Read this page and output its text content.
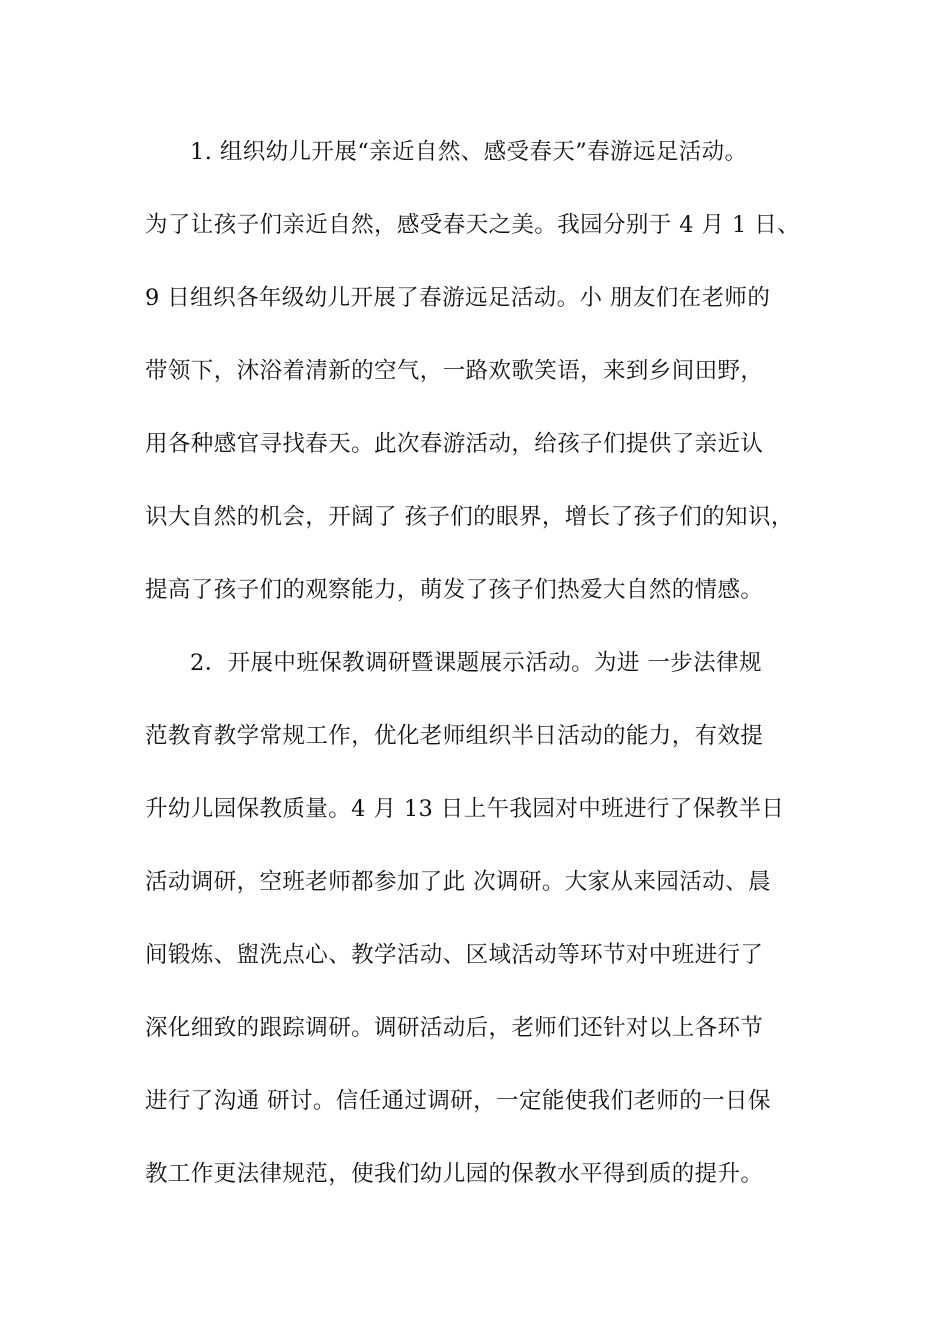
1. 组织幼儿开展“亲近自然、感受春天”春游远足活动。
为了让孩子们亲近自然，感受春天之美。我园分别于 4 月 1 日、
9 日组织各年级幼儿开展了春游远足活动。小 朋友们在老师的
带领下，沐浴着清新的空气，一路欢歌笑语，来到乡间田野，
用各种感官寻找春天。此次春游活动，给孩子们提供了亲近认
识大自然的机会，开阔了 孩子们的眼界，增长了孩子们的知识，
提高了孩子们的观察能力，萌发了孩子们热爱大自然的情感。
2．开展中班保教调研暨课题展示活动。为进 一步法律规
范教育教学常规工作，优化老师组织半日活动的能力，有效提
升幼儿园保教质量。4 月 13 日上午我园对中班进行了保教半日
活动调研，空班老师都参加了此 次调研。大家从来园活动、晨
间锻炼、盥洗点心、教学活动、区域活动等环节对中班进行了
深化细致的跟踪调研。调研活动后，老师们还针对以上各环节
进行了沟通 研讨。信任通过调研，一定能使我们老师的一日保
教工作更法律规范，使我们幼儿园的保教水平得到质的提升。
